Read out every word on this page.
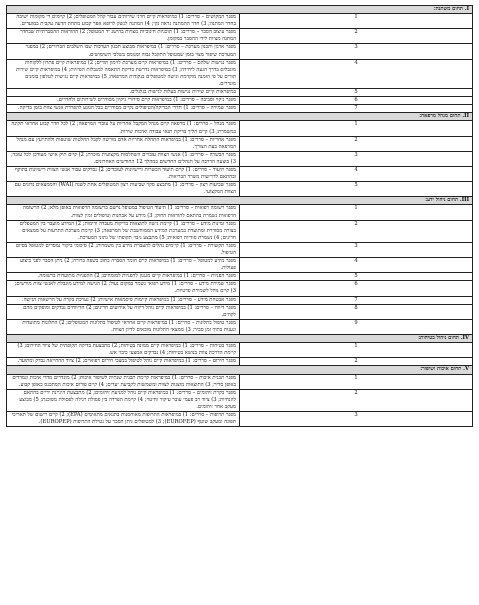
I. תחום משתנה:	
1	מפגר המקושים – סררים: 1) במיפראות קיים חרני שירותים עבור קהל המטופלים; 2) קיימים די מקומות ישיבה בחדר המתנה; 3) חדר ההמתנה נראה נקי; 4) המתנה לנשק לרופא אפר קבוע מתחת הדעה עקבית במועדים.
2	מפגר עיצוב הסבר – סררים: 1) תוכניות חינוכיות מצויות בהישג יד המטופל; 2) ההוראות ההסברתיות שבחדר המתנה מציות לידי ההסבר במקומן.
3	מפגר ארגון ותכנון מערכת – סררים: 1) במיפראות מבוצע תכנון הערכות שבו השלבים הברורים; 2) במפגר המערכת שיפור מצוי בזמן שמטופל התקבל גבוה ומנומס בשלבי השימושים.
4	מפגר נגישות שלהם – סררים: 1) במיפראות קיים מערכת לזימון תורים; 2) במיפראות קיים פתרון ללקוחות מוגבלים בדרך הגעה ליחידה; 3) במיפראות נדרשת בדיקת התאמה למגבלות הפיזיות; 4) במיפראות קיים שירות תורים על פי הזמנה מוקדמת וגישה למטופלים בנקודות המרפאה; 5) במיפראות קיים נגישות לטלפון בזמנים מוגדרים.
5	במיפראות קיים שירות נגישות בעלות לגישות בגלגלים.
6	מפגר ניקוי וסביבה – סררים: 1) במיפראות קיים סידורי ניקיון מסודרים לשירותים ולחדרים.
7	מפגר שמירה – סררים: 1) חדרי הבדיקה/הטיפולים נקיים מסודרים בכל הנוגע להפרדת אנשי צוות בזמן בדיקה.
II. תחום מנהל מרפאה:	
1	מפגר מנהל – סררים: 1) מרפאה קיים מנהל המקבל אחריות על עובדי המרפאה; 2) לכל חדר קבוע אחראי תקינה במשמרת; 3) קיים הליך בדיקת תנאי עבודה ואיכות שירות.
2	מפגר אחריות – סררים: 1) במיפראות התחלת אחריות אדם מורשה לקבל החלטות שוטפות ולהתייעץ עם מנהל המרפאה בעת הצורך.
3	מפגר הכשרה – סררים: 1) אנשי הצוות עוברים השתלמות מקצועית מוכרת; 2) קיים תיק אישי מעודכן לכל עובד; 3) בוצעה הדרכה על הנהלים החדשים במהלך 12 החודשים האחרונים.
4	מפגר תיעוד – סררים: 1) קיים תיעוד הכשרות ורישיונות לעובדים; 2) נבדקים עבור אנשי הצוות רישיונות בתוקף ובהתאם לדרישות משרד הבריאות.
5	מפגר שביעות רצון – סררים: 1) מתבצע סקר שביעות רצון המטופלים אחת לשנה (WAI) והממצאים נדונים עם הצוות המקצועי.
III. תחום ניהול ידע:	
1	מפגר רשומה רפואית – סררים: 1) תיעוד הטיפול במטופל נרשם ברשומה הרפואית באופן מלא; 2) הרשומה הרפואית נשמרת בהתאם להוראות החוק; 3) מידע על אבחנות וטיפולים זמין לצוות.
2	מפגר זמינות מידע – סררים: 1) קיימת גישה לתוצאות בדיקות מעבדה ודימות; 2) המידע מועבר בין המטפלים בצורה מסודרת ומתועדת במערכת המידע הממוחשבת של המרפאה; 3) קיימת מערכת התרעות על ממצאים חריגים; 4) נשמרת סודיות רפואית; 5) מתבצע גיבוי תקופתי של נתוני המערכת.
3	מפגר תקשורת – סררים: 1) קיימים נהלים להעברת מידע בין משמרות; 2) סיכומי ביקור נמסרים למטופל בסיום הטיפול.
4	מפגר מידע למטופל – סררים: 1) במיפראות קיים חומר הסברה כתוב בשפה ברורה; 2) ניתן הסבר לפני ביצוע פעולות.
5	מפגר הפניות – סררים: 1) במיפראות קיים מנגנון להפניות למומחים; 2) ההפניות מתועדות ברשומה.
6	מפגר שמירת מידע – סררים: 1) מידע רפואי נשמר במקום נעול; 2) הגישה למידע מוגבלת לאנשי צוות מורשים; 3) קיים נוהל לשמירת פרטיות.
7	מפגר אבטחת מידע – סררים: 1) במיפראות קיימות סיסמאות אישיות; 2) נערכת בקרה על הרשאות הגישה.
8	מפגר דיווח – סררים: 1) במיפראות קיים נוהל דיווח על אירועים חריגים; 2) הדיווחים נבדקים ומופקים מהם לקחים.
9	מפגר טיפול בתלונות – סררים: 1) במיפראות קיים אחראי לטיפול בתלונות המטופלים; 2) התלונות מתועדות ונענות בתוך זמן סביר; 3) ממצאי התלונות מובאים לדיון הצוות.
IV. תחום ניהול בטיחות:	
1	מפגר בטיחות – סררים: 1) במיפראות קיים ממונה בטיחות; 2) מתבצעת בדיקה תקופתית של ציוד החירום; 3) קיימת הדרכת צוות בנושא בטיחות; 4) נבדקים אמצעי כיבוי אש.
2	מפגר חירום – סררים: 1) במיפראות קיים נוהל לטיפול במצבי חירום רפואיים; 2) ציוד ההחייאה נבדק ומתועד.
V. תחום איכות ושיפור:	
1	מפגר תכנית איכות – סררים: 1) במיפראות קיימת תכנית שנתית לשיפור איכות; 2) מוגדרים מדדי איכות ונמדדים באופן סדיר; 3) התוצאות מוצגות לצוות ומשמשות לקביעת יעדים; 4) קיים פורום איכות המתכנס באופן קבוע.
2	מפגר בקרת זיהומים – סררים: 1) במיפראות קיים נוהל למניעת זיהומים; 2) מתבצעת היגיינת ידיים בהתאם להנחיות; 3) ציוד רב פעמי עובר עיקור וחיטוי; 4) קיימת הפרדה בין פסולת רגילה לפסולת מסוכנת; 5) מבוצע מעקב אחר זיהומים.
3	מפגר תרופות – סררים: 1) במיפראות התרופות מאוחסנות בתנאים מתאימים (EPA); 2) קיים רישום של תאריכי תפוגה ומעקב שוטף (EUROFEP); 3) למטופלים ניתן הסבר על נטילת התרופות (EUROPEP).
